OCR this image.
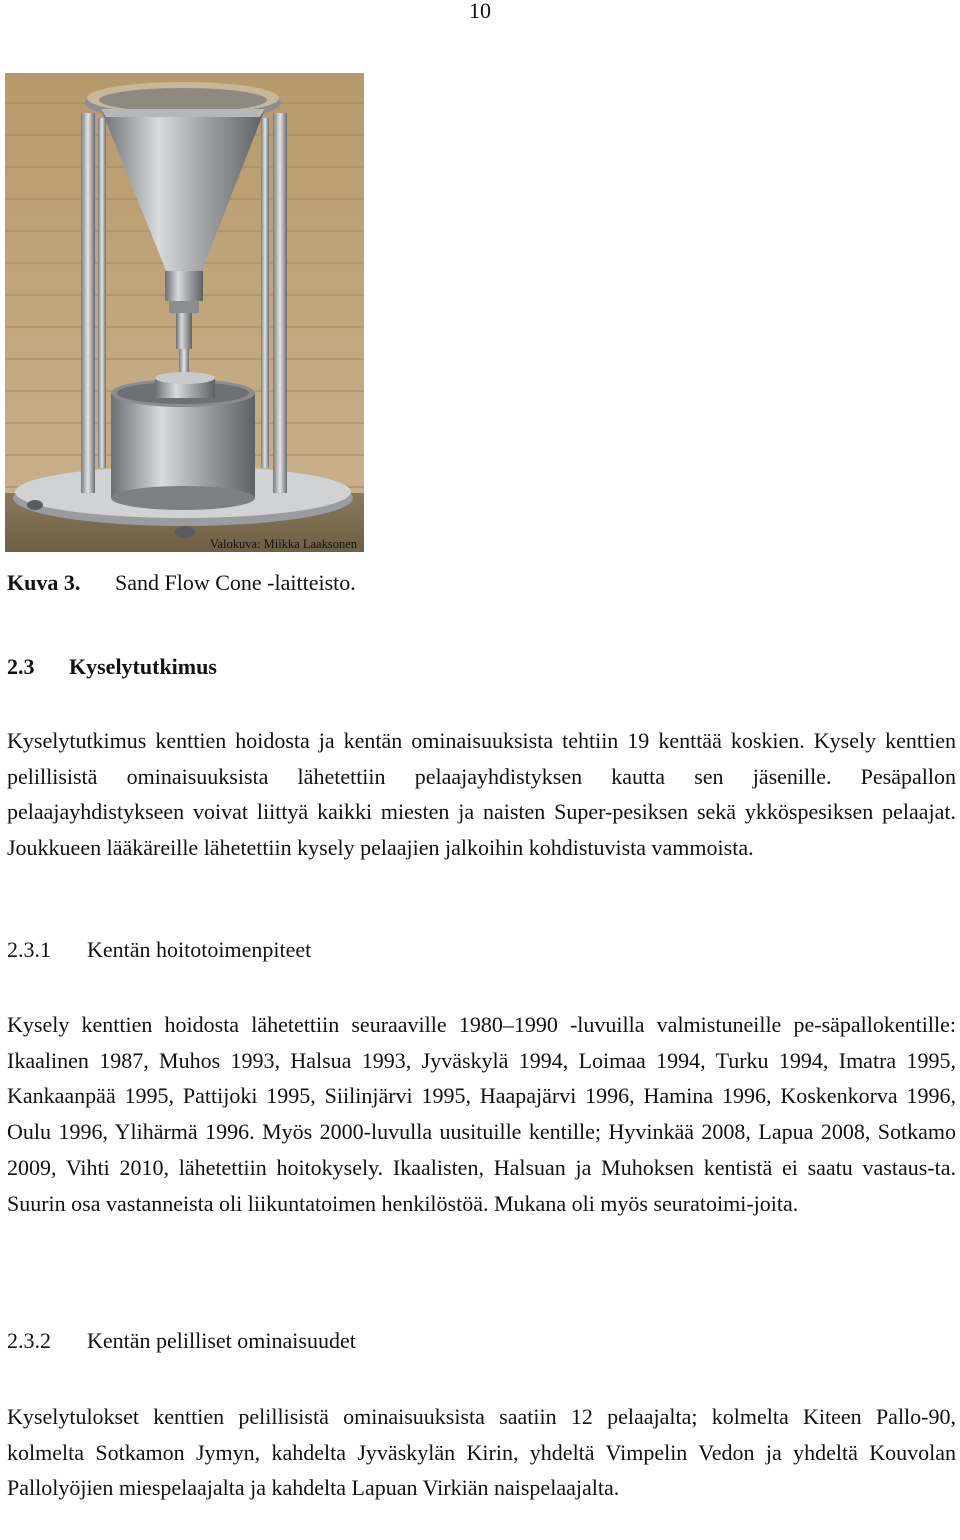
10
Valokuva: Miikka Laaksonen
Kuva 3. Sand Flow Cone -laitteisto.
2.3 Kyselytutkimus

Kyselytutkimus kenttien hoidosta ja kentän ominaisuuksista tehtiin 19 kenttää koskien. Kysely kenttien pelillisistä ominaisuuksista lähetettiin pelaajayhdistyksen kautta sen jäsenille. Pesäpallon pelaajayhdistykseen voivat liittyä kaikki miesten ja naisten Super-pesiksen sekä ykköspesiksen pelaajat. Joukkueen lääkäreille lähetettiin kysely pelaajien jalkoihin kohdistuvista vammoista.

2.3.1 Kentän hoitotoimenpiteet

Kysely kenttien hoidosta lähetettiin seuraaville 1980–1990 -luvuilla valmistuneille pe-säpallokentille: Ikaalinen 1987, Muhos 1993, Halsua 1993, Jyväskylä 1994, Loimaa 1994, Turku 1994, Imatra 1995, Kankaanpää 1995, Pattijoki 1995, Siilinjärvi 1995, Haapajärvi 1996, Hamina 1996, Koskenkorva 1996, Oulu 1996, Ylihärmä 1996. Myös 2000-luvulla uusituille kentille; Hyvinkää 2008, Lapua 2008, Sotkamo 2009, Vihti 2010, lähetettiin hoitokysely. Ikaalisten, Halsuan ja Muhoksen kentistä ei saatu vastaus-ta. Suurin osa vastanneista oli liikuntatoimen henkilöstöä. Mukana oli myös seuratoimi-joita.

2.3.2 Kentän pelilliset ominaisuudet

Kyselytulokset kenttien pelillisistä ominaisuuksista saatiin 12 pelaajalta; kolmelta Kiteen Pallo-90, kolmelta Sotkamon Jymyn, kahdelta Jyväskylän Kirin, yhdeltä Vimpelin Vedon ja yhdeltä Kouvolan Pallolyöjien miespelaajalta ja kahdelta Lapuan Virkiän naispelaajalta.
